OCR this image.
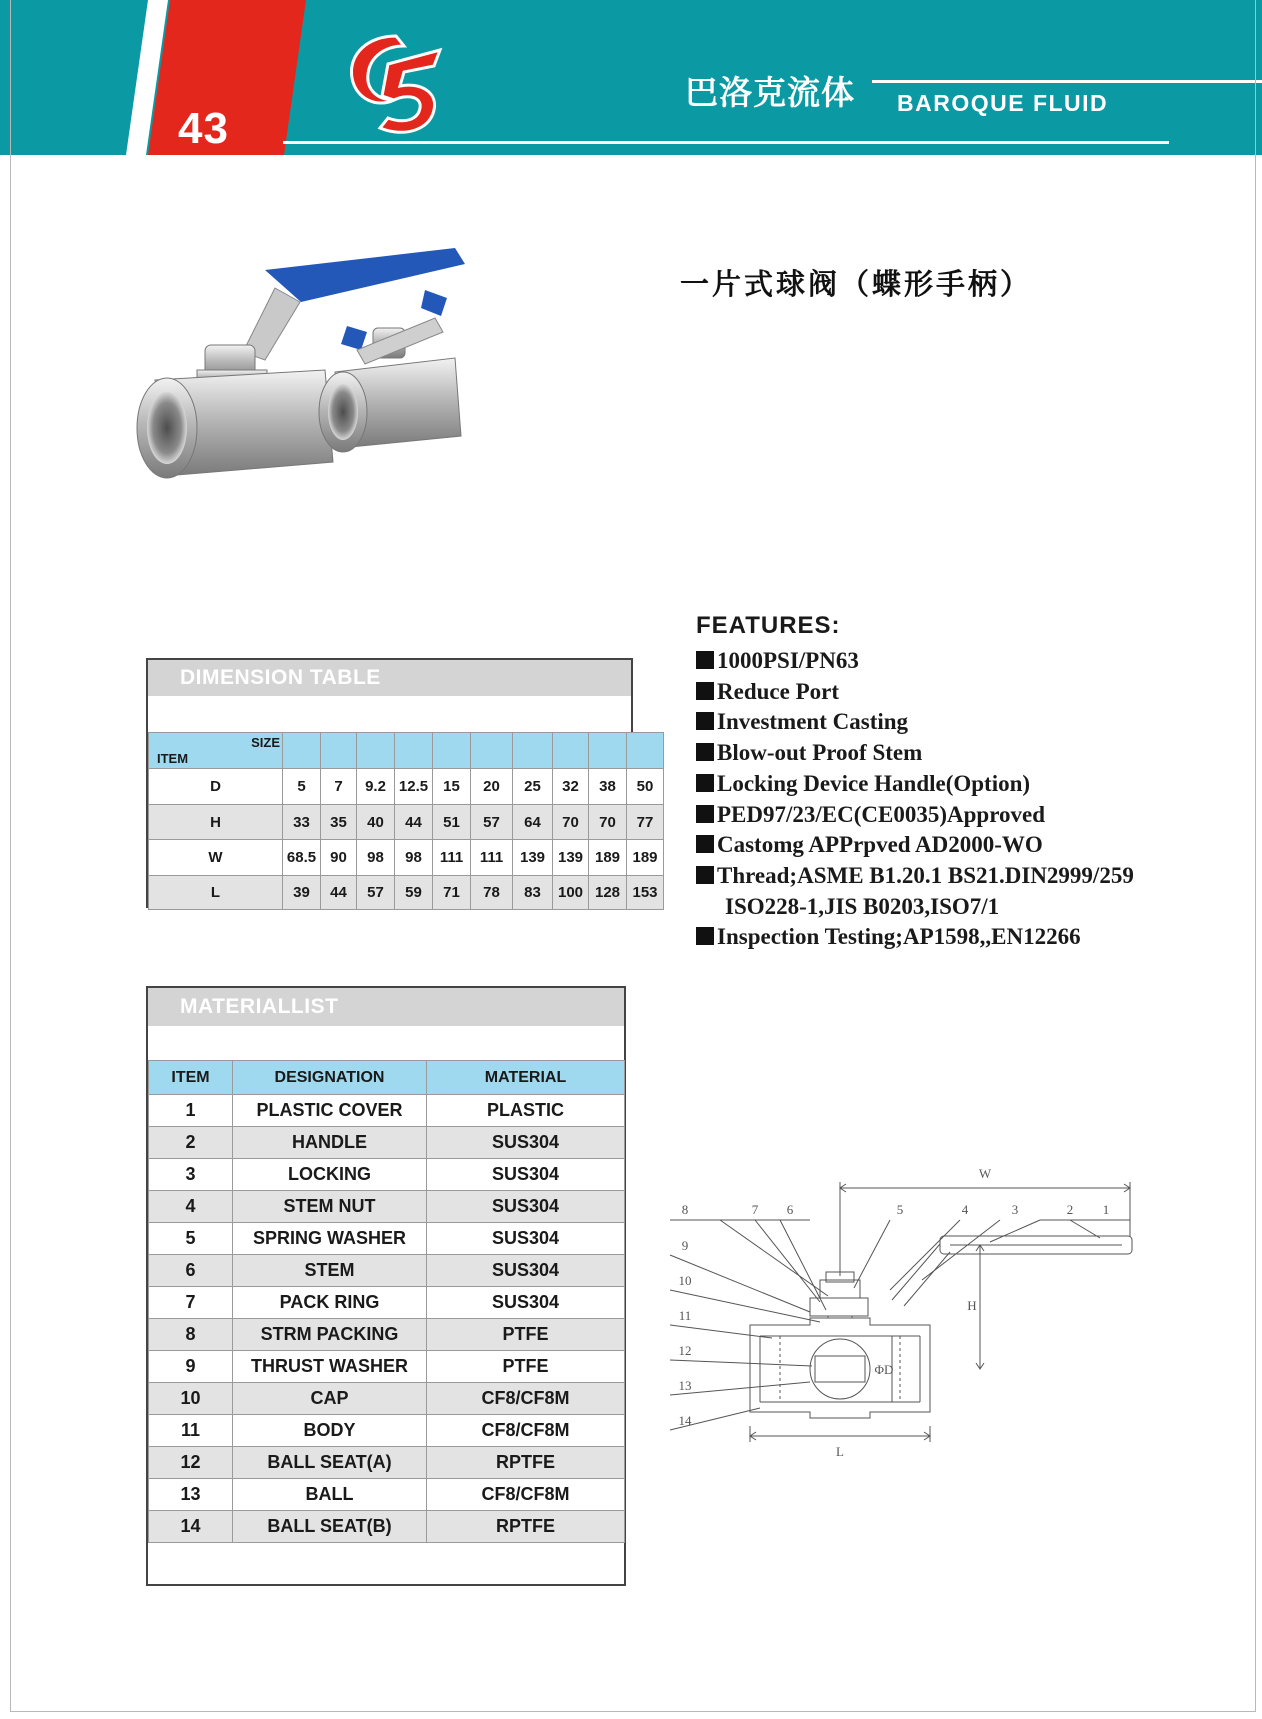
43
巴洛克流体 BAROQUE FLUID
一片式球阀（蝶形手柄）
FEATURES:
1000PSI/PN63
Reduce Port
Investment Casting
Blow-out Proof Stem
Locking Device Handle(Option)
PED97/23/EC(CE0035)Approved
Castomg APPrpved AD2000-WO
Thread;ASME B1.20.1 BS21.DIN2999/259
ISO228-1,JIS B0203,ISO7/1
Inspection Testing;AP1598,,EN12266
DIMENSION TABLE
SIZE
ITEM										

D	5	7	9.2	12.5	15	20	25	32	38	50
H	33	35	40	44	51	57	64	70	70	77
W	68.5	90	98	98	111	111	139	139	189	189
L	39	44	57	59	71	78	83	100	128	153
MATERIALLIST
ITEM	DESIGNATION	MATERIAL
1	PLASTIC COVER	PLASTIC
2	HANDLE	SUS304
3	LOCKING	SUS304
4	STEM NUT	SUS304
5	SPRING WASHER	SUS304
6	STEM	SUS304
7	PACK RING	SUS304
8	STRM PACKING	PTFE
9	THRUST WASHER	PTFE
10	CAP	CF8/CF8M
11	BODY	CF8/CF8M
12	BALL SEAT(A)	RPTFE
13	BALL	CF8/CF8M
14	BALL SEAT(B)	RPTFE
W
H
L
ΦD
1
2
3
4
5
6
7
8
9
10
11
12
13
14
